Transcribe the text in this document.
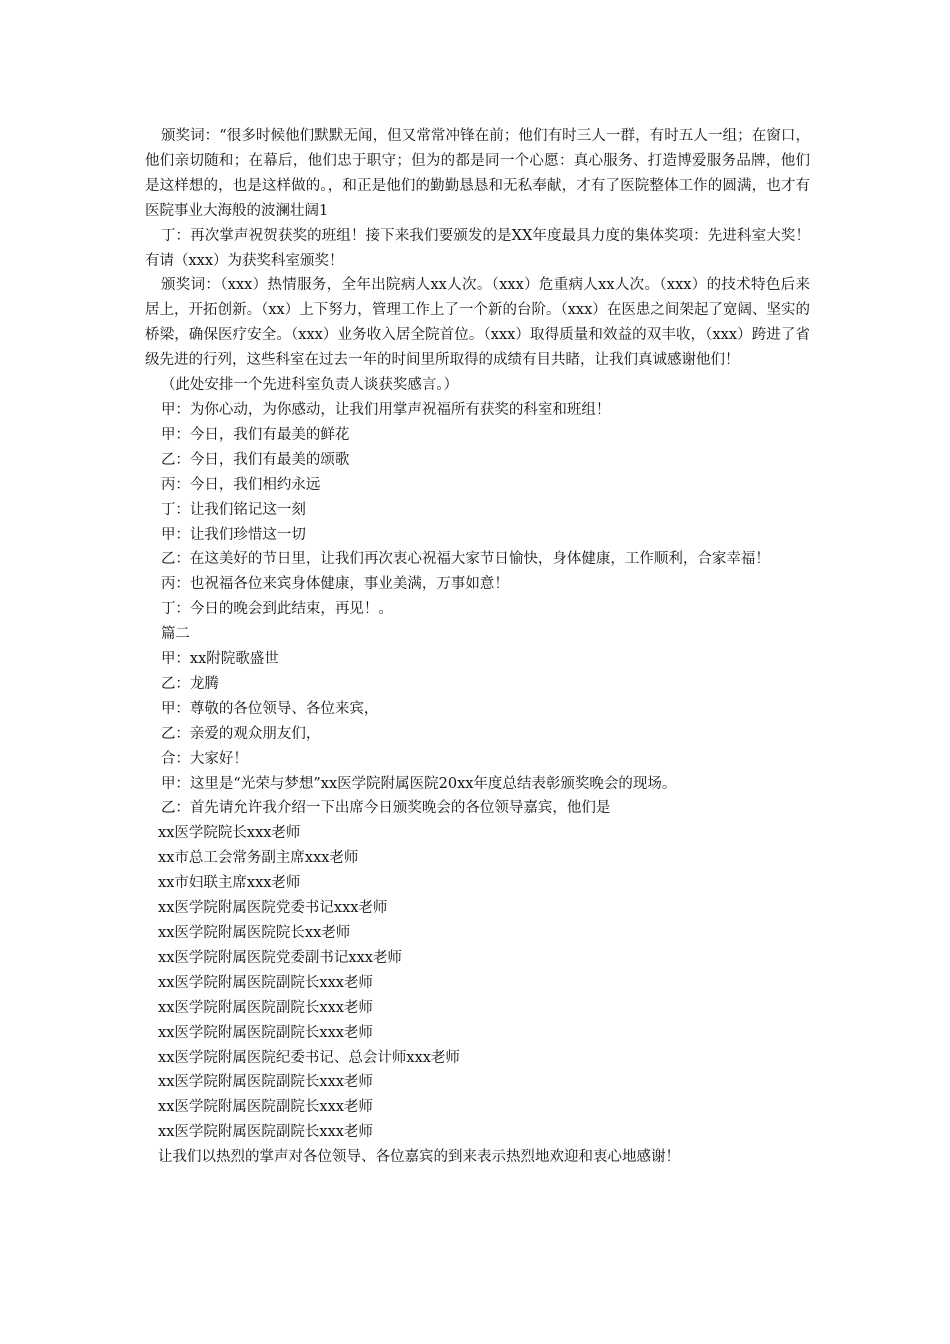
颁奖词：“很多时候他们默默无闻，但又常常冲锋在前；他们有时三人一群，有时五人一组；在窗口，他们亲切随和；在幕后，他们忠于职守；但为的都是同一个心愿：真心服务、打造博爱服务品牌，他们是这样想的，也是这样做的。，和正是他们的勤勤恳恳和无私奉献，才有了医院整体工作的圆满，也才有医院事业大海般的波澜壮阔1

丁：再次掌声祝贺获奖的班组！接下来我们要颁发的是XX年度最具力度的集体奖项：先进科室大奖！有请（xxx）为获奖科室颁奖！

颁奖词：（xxx）热情服务，全年出院病人xx人次。（xxx）危重病人xx人次。（xxx）的技术特色后来居上，开拓创新。（xx）上下努力，管理工作上了一个新的台阶。（xxx）在医患之间架起了宽阔、坚实的桥梁，确保医疗安全。（xxx）业务收入居全院首位。（xxx）取得质量和效益的双丰收，（xxx）跨进了省级先进的行列，这些科室在过去一年的时间里所取得的成绩有目共睹，让我们真诚感谢他们！

（此处安排一个先进科室负责人谈获奖感言。）

甲：为你心动，为你感动，让我们用掌声祝福所有获奖的科室和班组！

甲：今日，我们有最美的鲜花

乙：今日，我们有最美的颂歌

丙：今日，我们相约永远

丁：让我们铭记这一刻

甲：让我们珍惜这一切

乙：在这美好的节日里，让我们再次衷心祝福大家节日愉快，身体健康，工作顺利，合家幸福！

丙：也祝福各位来宾身体健康，事业美满，万事如意！

丁：今日的晚会到此结束，再见！。

篇二

甲：xx附院歌盛世

乙：龙腾

甲：尊敬的各位领导、各位来宾，

乙：亲爱的观众朋友们，

合：大家好！

甲：这里是“光荣与梦想”xx医学院附属医院20xx年度总结表彰颁奖晚会的现场。

乙：首先请允许我介绍一下出席今日颁奖晚会的各位领导嘉宾，他们是

xx医学院院长xxx老师

xx市总工会常务副主席xxx老师

xx市妇联主席xxx老师

xx医学院附属医院党委书记xxx老师

xx医学院附属医院院长xx老师

xx医学院附属医院党委副书记xxx老师

xx医学院附属医院副院长xxx老师

xx医学院附属医院副院长xxx老师

xx医学院附属医院副院长xxx老师

xx医学院附属医院纪委书记、总会计师xxx老师

xx医学院附属医院副院长xxx老师

xx医学院附属医院副院长xxx老师

xx医学院附属医院副院长xxx老师

让我们以热烈的掌声对各位领导、各位嘉宾的到来表示热烈地欢迎和衷心地感谢！
